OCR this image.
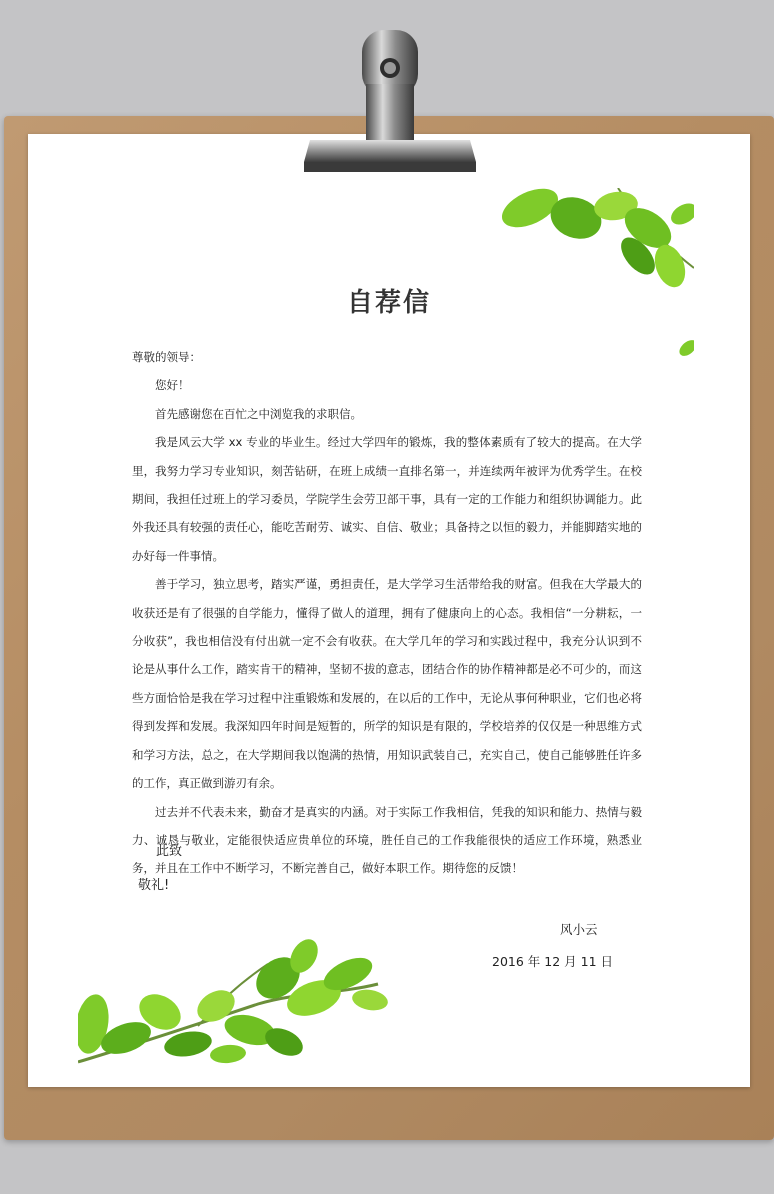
自荐信

尊敬的领导：

您好！

首先感谢您在百忙之中浏览我的求职信。

我是风云大学 xx 专业的毕业生。经过大学四年的锻炼，我的整体素质有了较大的提高。在大学里，我努力学习专业知识，刻苦钻研，在班上成绩一直排名第一，并连续两年被评为优秀学生。在校期间，我担任过班上的学习委员，学院学生会劳卫部干事，具有一定的工作能力和组织协调能力。此外我还具有较强的责任心，能吃苦耐劳、诚实、自信、敬业；具备持之以恒的毅力，并能脚踏实地的办好每一件事情。

善于学习，独立思考，踏实严谨，勇担责任，是大学学习生活带给我的财富。但我在大学最大的收获还是有了很强的自学能力，懂得了做人的道理，拥有了健康向上的心态。我相信“一分耕耘，一分收获”，我也相信没有付出就一定不会有收获。在大学几年的学习和实践过程中，我充分认识到不论是从事什么工作，踏实肯干的精神，坚韧不拔的意志，团结合作的协作精神都是必不可少的，而这些方面恰恰是我在学习过程中注重锻炼和发展的，在以后的工作中，无论从事何种职业，它们也必将得到发挥和发展。我深知四年时间是短暂的，所学的知识是有限的，学校培养的仅仅是一种思维方式和学习方法，总之，在大学期间我以饱满的热情，用知识武装自己，充实自己，使自己能够胜任许多的工作，真正做到游刃有余。

过去并不代表未来，勤奋才是真实的内涵。对于实际工作我相信，凭我的知识和能力、热情与毅力、诚恳与敬业，定能很快适应贵单位的环境，胜任自己的工作我能很快的适应工作环境，熟悉业务，并且在工作中不断学习，不断完善自己，做好本职工作。期待您的反馈！

此致
敬礼!
风小云
2016 年 12 月 11 日
